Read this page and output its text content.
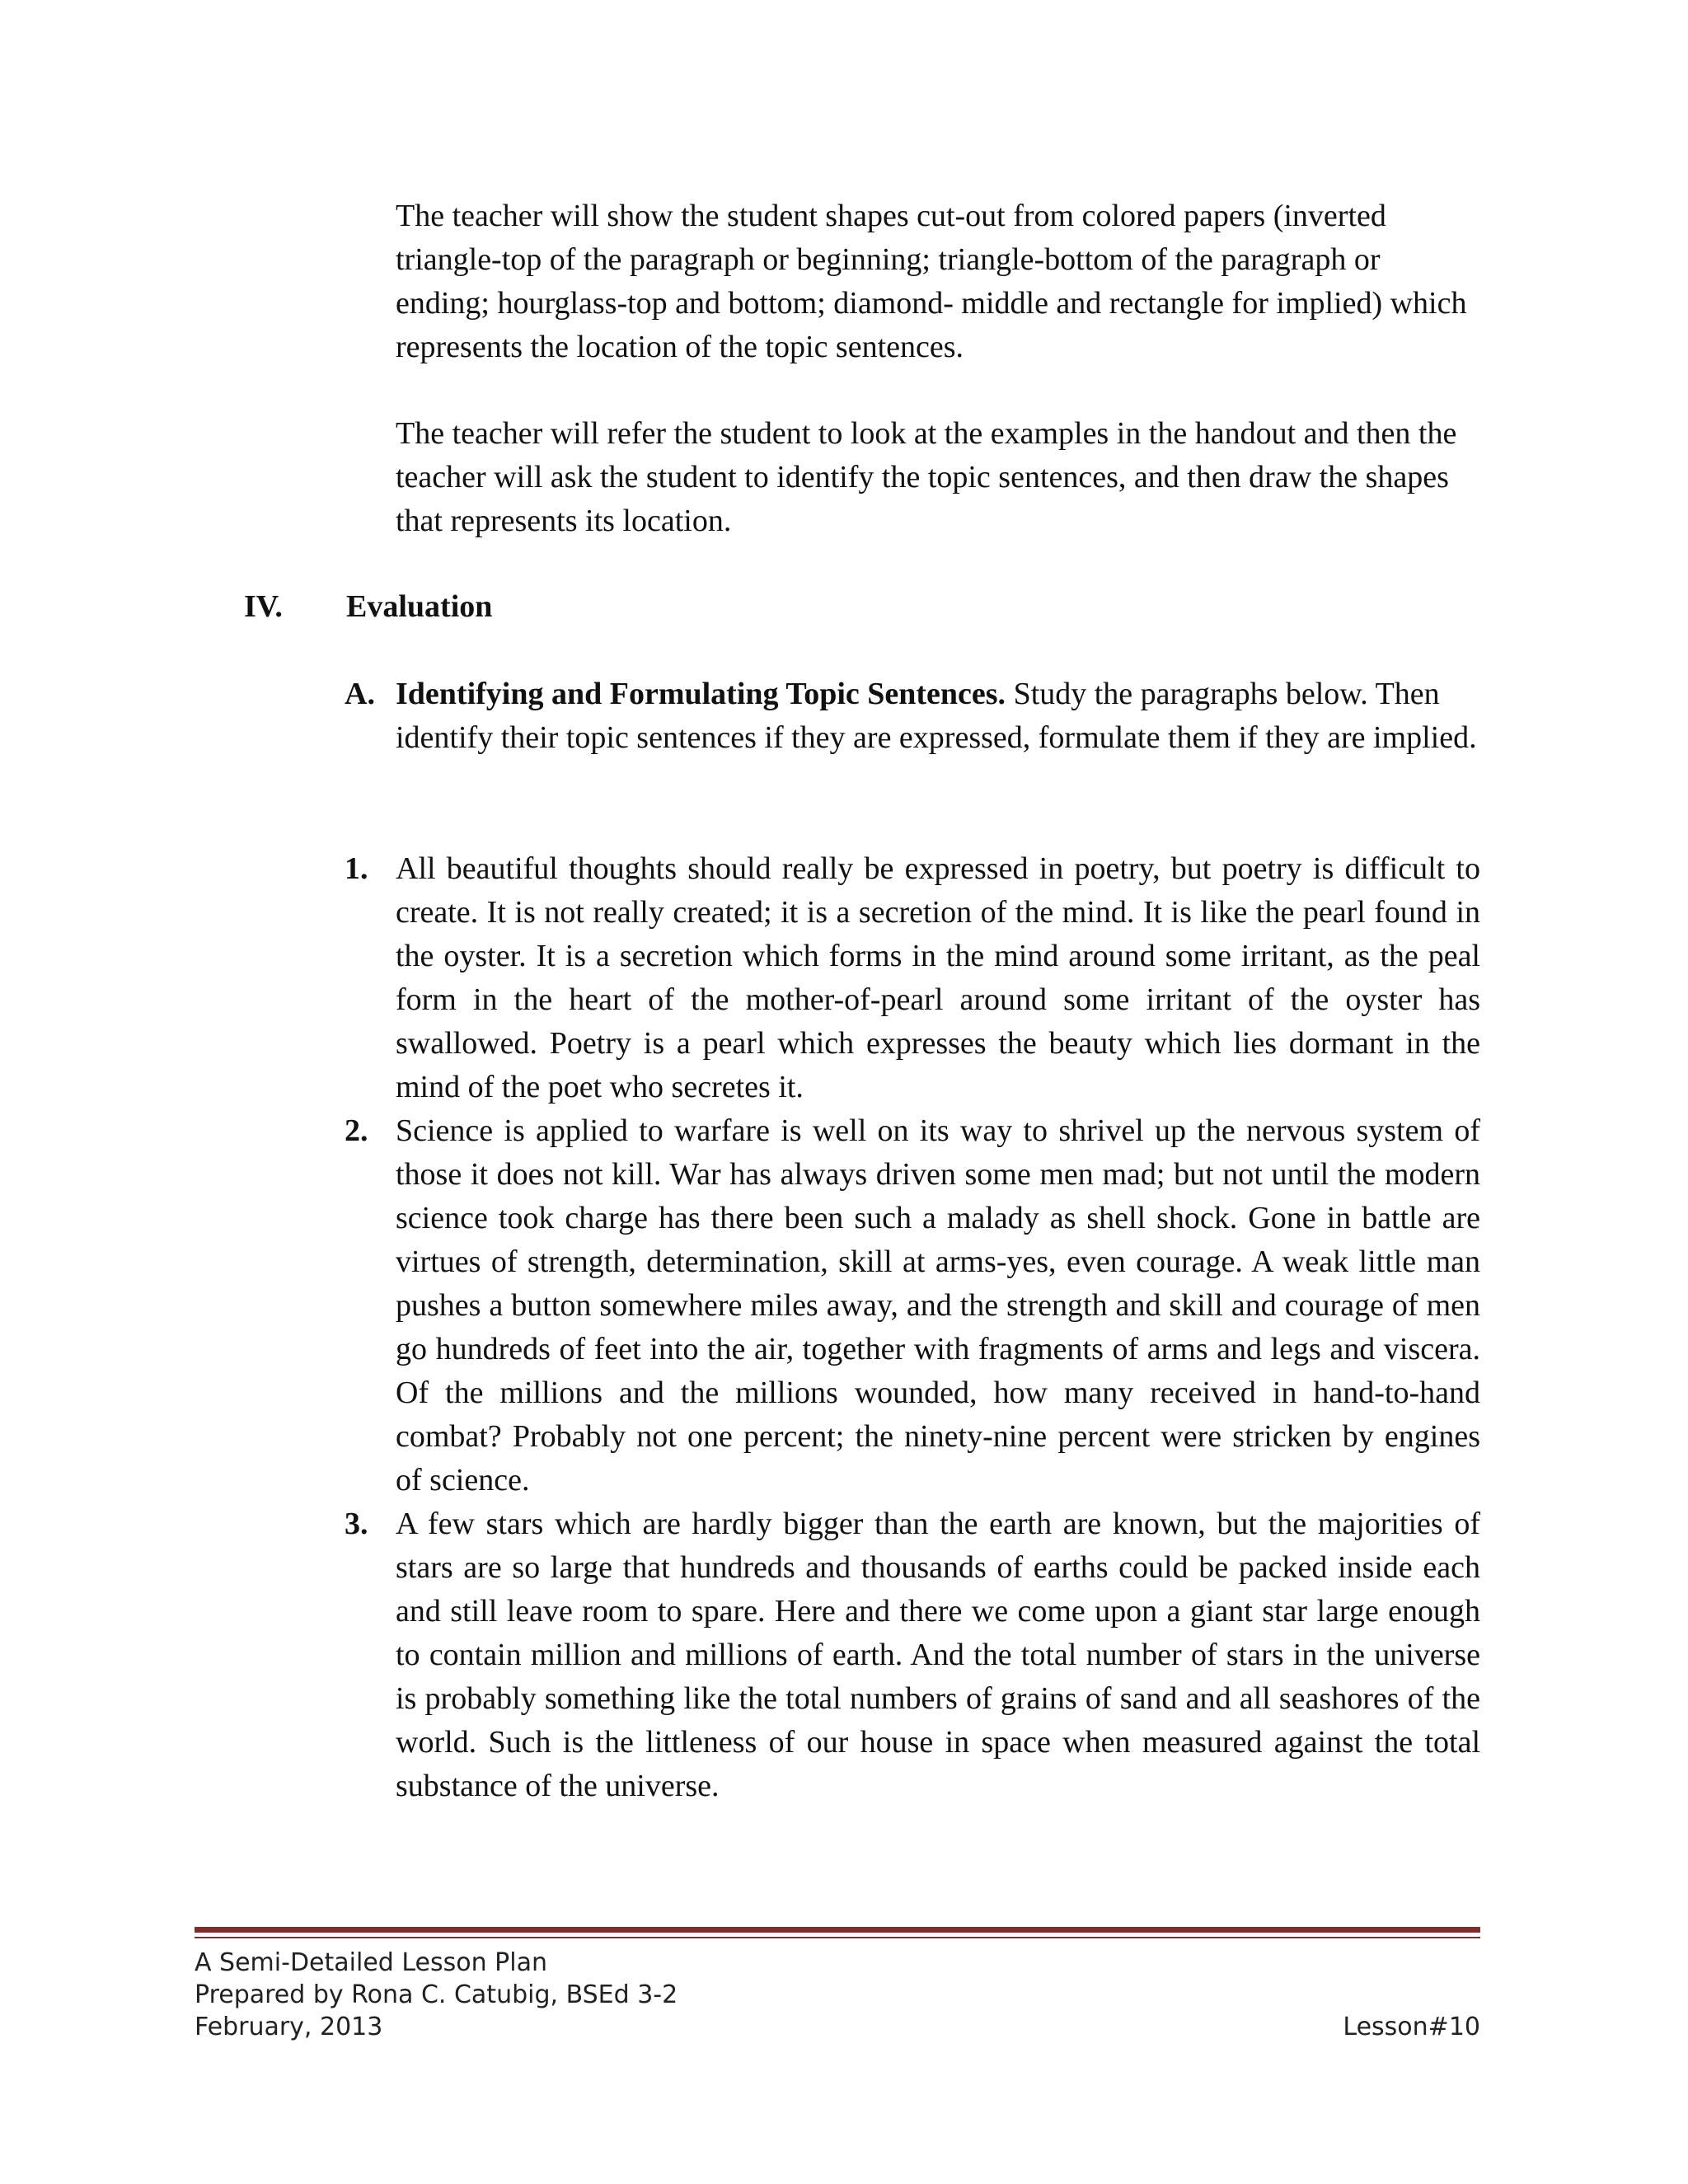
The teacher will show the student shapes cut-out from colored papers (inverted triangle-top of the paragraph or beginning; triangle-bottom of the paragraph or ending; hourglass-top and bottom; diamond- middle and rectangle for implied) which represents the location of the topic sentences.

The teacher will refer the student to look at the examples in the handout and then the teacher will ask the student to identify the topic sentences, and then draw the shapes that represents its location.

IV. Evaluation
A. Identifying and Formulating Topic Sentences. Study the paragraphs below. Then identify their topic sentences if they are expressed, formulate them if they are implied.
1. All beautiful thoughts should really be expressed in poetry, but poetry is difficult to create. It is not really created; it is a secretion of the mind. It is like the pearl found in the oyster. It is a secretion which forms in the mind around some irritant, as the peal form in the heart of the mother-of-pearl around some irritant of the oyster has swallowed. Poetry is a pearl which expresses the beauty which lies dormant in the mind of the poet who secretes it.
2. Science is applied to warfare is well on its way to shrivel up the nervous system of those it does not kill. War has always driven some men mad; but not until the modern science took charge has there been such a malady as shell shock. Gone in battle are virtues of strength, determination, skill at arms-yes, even courage. A weak little man pushes a button somewhere miles away, and the strength and skill and courage of men go hundreds of feet into the air, together with fragments of arms and legs and viscera. Of the millions and the millions wounded, how many received in hand-to-hand combat? Probably not one percent; the ninety-nine percent were stricken by engines of science.
3. A few stars which are hardly bigger than the earth are known, but the majorities of stars are so large that hundreds and thousands of earths could be packed inside each and still leave room to spare. Here and there we come upon a giant star large enough to contain million and millions of earth. And the total number of stars in the universe is probably something like the total numbers of grains of sand and all seashores of the world. Such is the littleness of our house in space when measured against the total substance of the universe.
A Semi-Detailed Lesson Plan
Prepared by Rona C. Catubig, BSEd 3-2
February, 2013	Lesson#10
